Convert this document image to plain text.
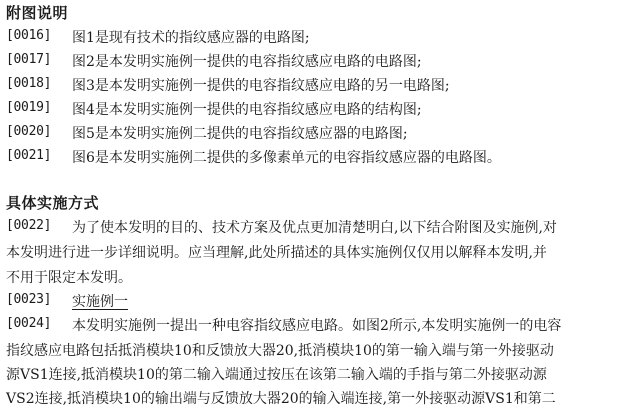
附图说明
[0016] 图1是现有技术的指纹感应器的电路图;
[0017] 图2是本发明实施例一提供的电容指纹感应电路的电路图;
[0018] 图3是本发明实施例一提供的电容指纹感应电路的另一电路图;
[0019] 图4是本发明实施例一提供的电容指纹感应电路的结构图;
[0020] 图5是本发明实施例二提供的电容指纹感应器的电路图;
[0021] 图6是本发明实施例二提供的多像素单元的电容指纹感应器的电路图。
具体实施方式
[0022] 为了使本发明的目的、技术方案及优点更加清楚明白,以下结合附图及实施例,对
本发明进行进一步详细说明。应当理解,此处所描述的具体实施例仅仅用以解释本发明,并
不用于限定本发明。
[0023] 实施例一
[0024] 本发明实施例一提出一种电容指纹感应电路。如图2所示,本发明实施例一的电容
指纹感应电路包括抵消模块10和反馈放大器20,抵消模块10的第一输入端与第一外接驱动
源VS1连接,抵消模块10的第二输入端通过按压在该第二输入端的手指与第二外接驱动源
VS2连接,抵消模块10的输出端与反馈放大器20的输入端连接,第一外接驱动源VS1和第二
